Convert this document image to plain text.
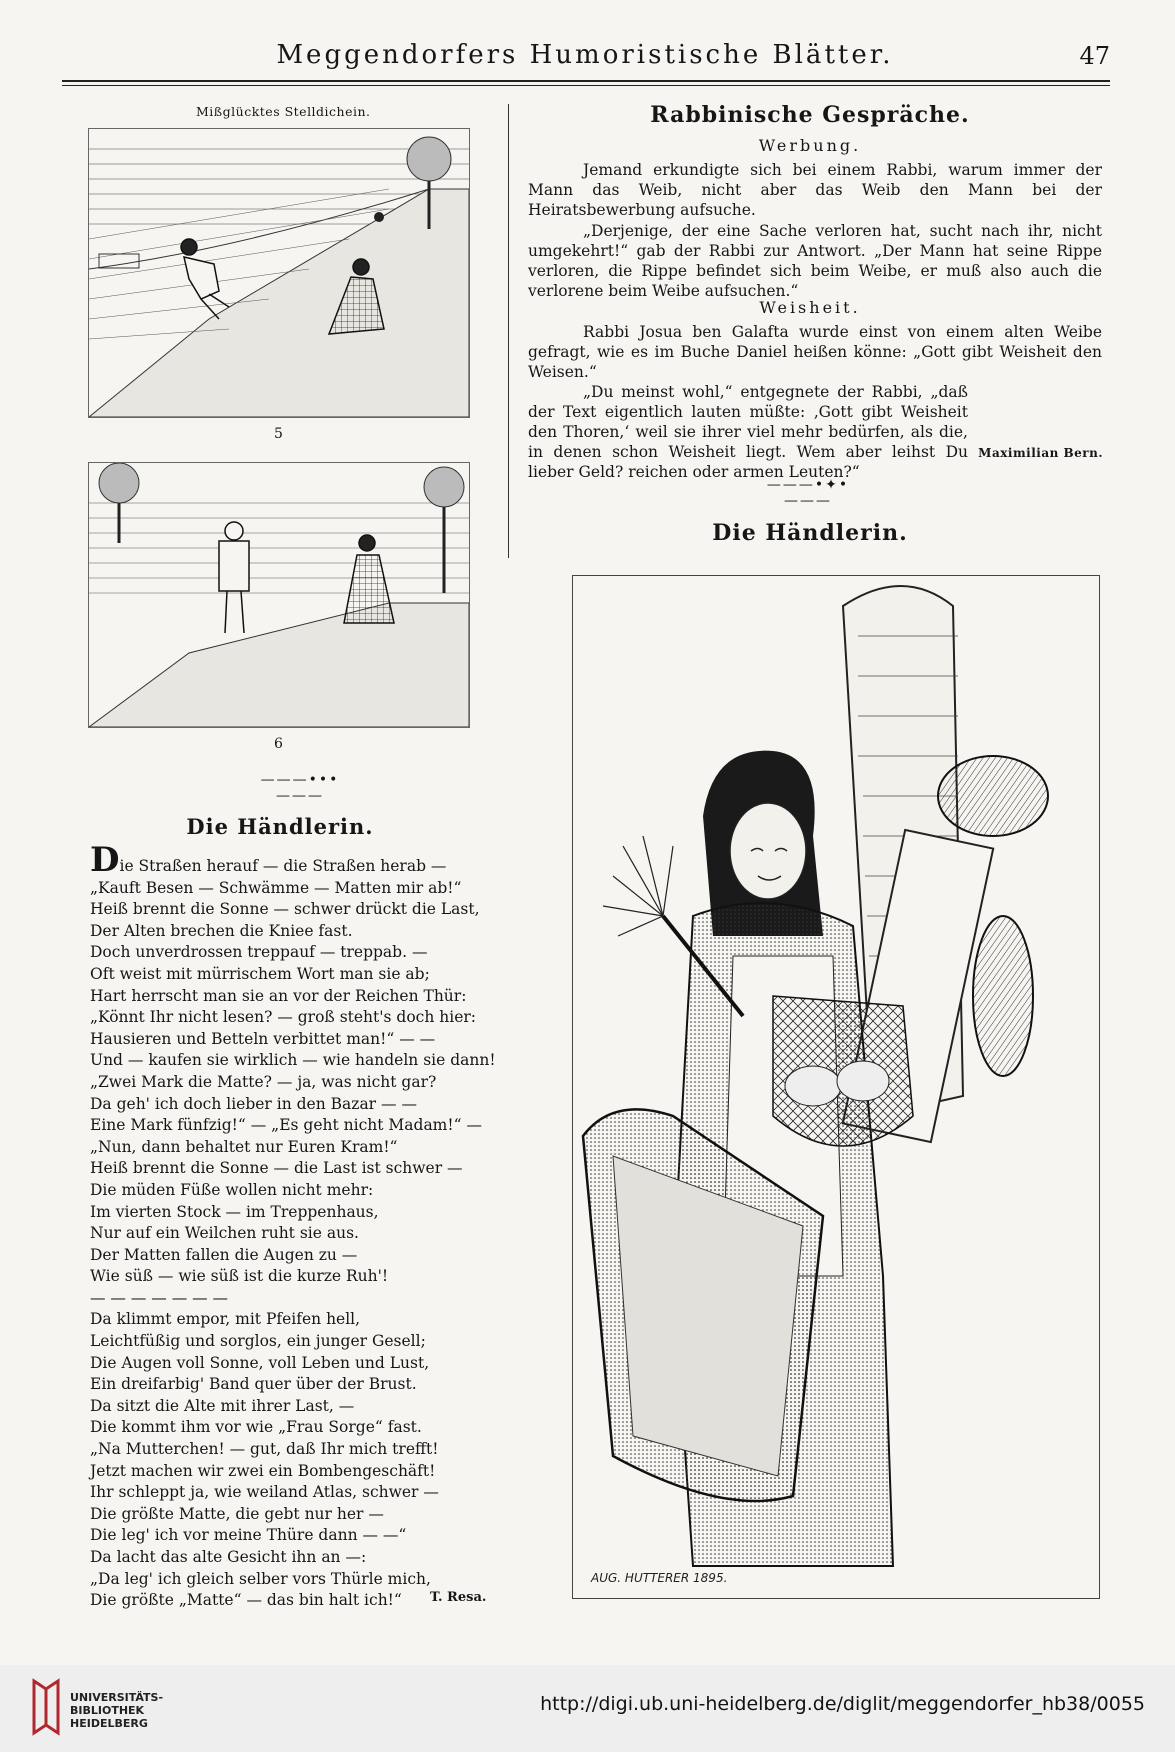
Meggendorfers Humoristische Blätter.	47
Mißglücktes Stelldichein.
5
6
———•••———
Die Händlerin.
Die Straßen herauf — die Straßen herab —
„Kauft Besen — Schwämme — Matten mir ab!“
Heiß brennt die Sonne — schwer drückt die Last,
Der Alten brechen die Kniee fast.
Doch unverdrossen treppauf — treppab. —
Oft weist mit mürrischem Wort man sie ab;
Hart herrscht man sie an vor der Reichen Thür:
„Könnt Ihr nicht lesen? — groß steht's doch hier:
Hausieren und Betteln verbittet man!“ — —
Und — kaufen sie wirklich — wie handeln sie dann!
„Zwei Mark die Matte? — ja, was nicht gar?
Da geh' ich doch lieber in den Bazar — —
Eine Mark fünfzig!“ — „Es geht nicht Madam!“ —
„Nun, dann behaltet nur Euren Kram!“
Heiß brennt die Sonne — die Last ist schwer —
Die müden Füße wollen nicht mehr:
Im vierten Stock — im Treppenhaus,
Nur auf ein Weilchen ruht sie aus.
Der Matten fallen die Augen zu —
Wie süß — wie süß ist die kurze Ruh'!
— — — — — — —
Da klimmt empor, mit Pfeifen hell,
Leichtfüßig und sorglos, ein junger Gesell;
Die Augen voll Sonne, voll Leben und Lust,
Ein dreifarbig' Band quer über der Brust.
Da sitzt die Alte mit ihrer Last, —
Die kommt ihm vor wie „Frau Sorge“ fast.
„Na Mutterchen! — gut, daß Ihr mich trefft!
Jetzt machen wir zwei ein Bombengeschäft!
Ihr schleppt ja, wie weiland Atlas, schwer —
Die größte Matte, die gebt nur her —
Die leg' ich vor meine Thüre dann — —“
Da lacht das alte Gesicht ihn an —:
„Da leg' ich gleich selber vors Thürle mich,
Die größte „Matte“ — das bin halt ich!“	T. Resa.
Rabbinische Gespräche.
Werbung.
Jemand erkundigte sich bei einem Rabbi, warum immer der Mann das Weib, nicht aber das Weib den Mann bei der Heiratsbewerbung aufsuche.
„Derjenige, der eine Sache verloren hat, sucht nach ihr, nicht umgekehrt!“ gab der Rabbi zur Antwort. „Der Mann hat seine Rippe verloren, die Rippe befindet sich beim Weibe, er muß also auch die verlorene beim Weibe aufsuchen.“
Weisheit.
Rabbi Josua ben Galafta wurde einst von einem alten Weibe gefragt, wie es im Buche Daniel heißen könne: „Gott gibt Weisheit den Weisen.“
„Du meinst wohl,“ entgegnete der Rabbi, „daß der Text eigentlich lauten müßte: ‚Gott gibt Weisheit den Thoren,‘ weil sie ihrer viel mehr bedürfen, als die, in denen schon Weisheit liegt. Wem aber leihst Du lieber Geld? reichen oder armen Leuten?“
Maximilian Bern.
———•✦•———
Die Händlerin.
AUG. HUTTERER 1895.
UNIVERSITÄTS-
BIBLIOTHEK
HEIDELBERG
http://digi.ub.uni-heidelberg.de/diglit/meggendorfer_hb38/0055
